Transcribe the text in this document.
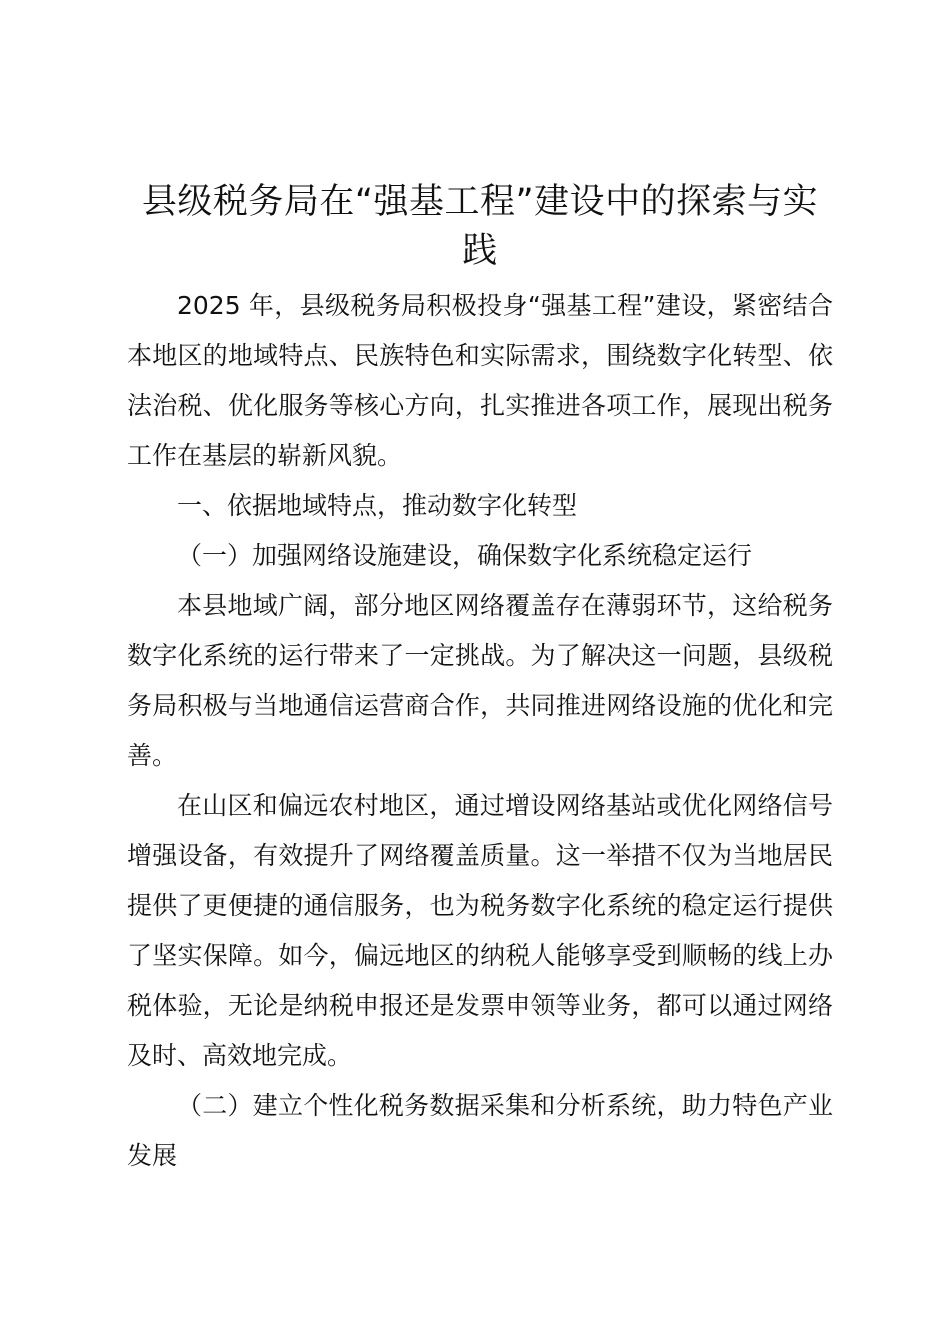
县级税务局在“强基工程”建设中的探索与实践

2025 年，县级税务局积极投身“强基工程”建设，紧密结合本地区的地域特点、民族特色和实际需求，围绕数字化转型、依法治税、优化服务等核心方向，扎实推进各项工作，展现出税务工作在基层的崭新风貌。

一、依据地域特点，推动数字化转型

（一）加强网络设施建设，确保数字化系统稳定运行

本县地域广阔，部分地区网络覆盖存在薄弱环节，这给税务数字化系统的运行带来了一定挑战。为了解决这一问题，县级税务局积极与当地通信运营商合作，共同推进网络设施的优化和完善。

在山区和偏远农村地区，通过增设网络基站或优化网络信号增强设备，有效提升了网络覆盖质量。这一举措不仅为当地居民提供了更便捷的通信服务，也为税务数字化系统的稳定运行提供了坚实保障。如今，偏远地区的纳税人能够享受到顺畅的线上办税体验，无论是纳税申报还是发票申领等业务，都可以通过网络及时、高效地完成。

（二）建立个性化税务数据采集和分析系统，助力特色产业发展
